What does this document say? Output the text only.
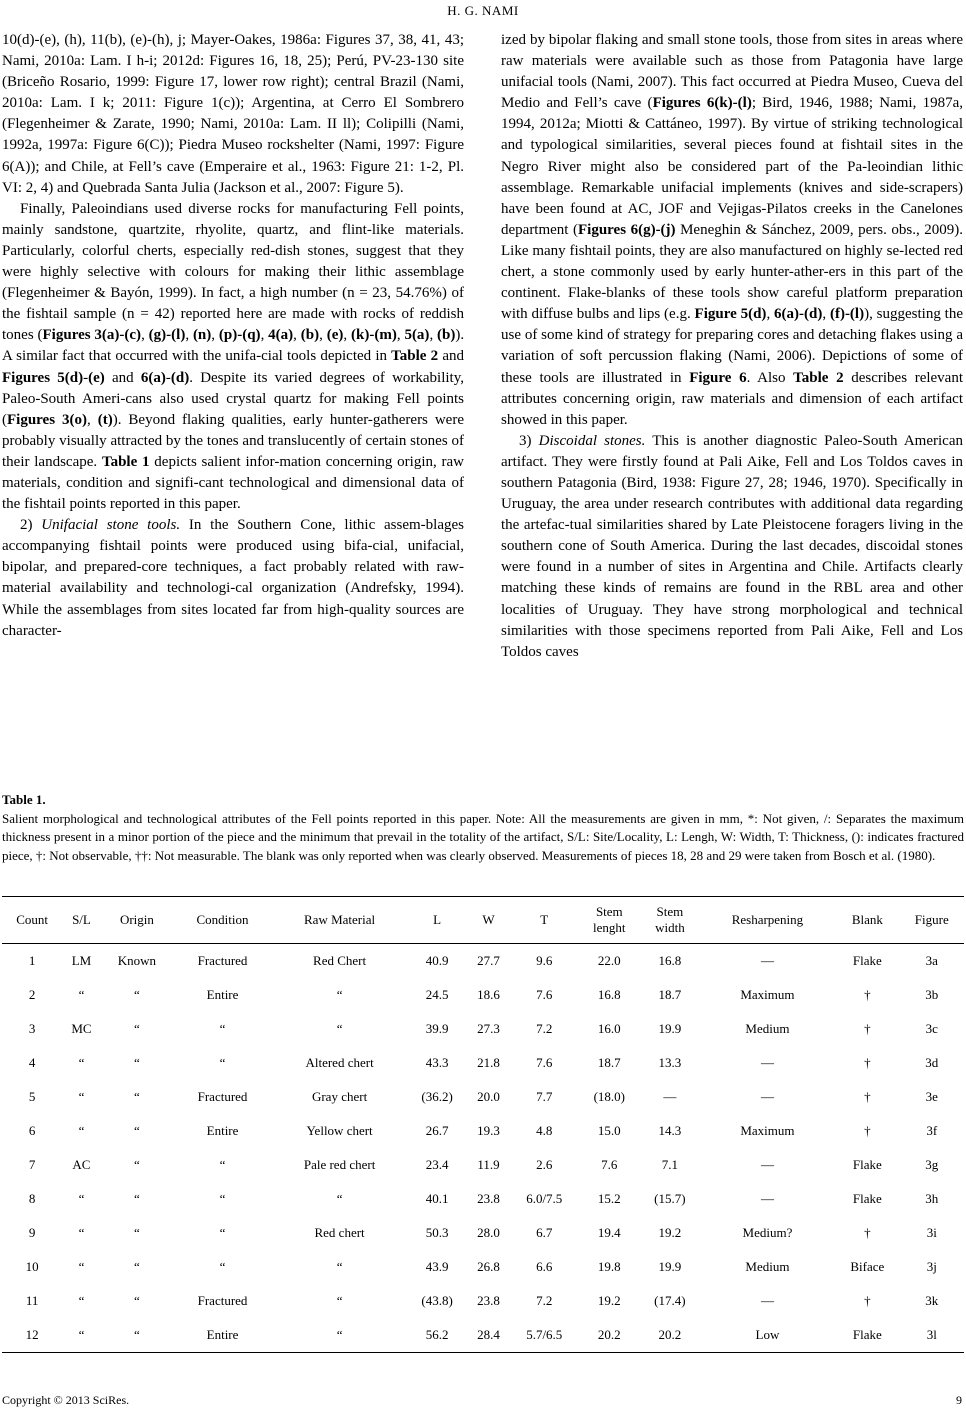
H. G. NAMI

10(d)-(e), (h), 11(b), (e)-(h), j; Mayer-Oakes, 1986a: Figures 37, 38, 41, 43; Nami, 2010a: Lam. I h-i; 2012d: Figures 16, 18, 25); Perú, PV-23-130 site (Briceño Rosario, 1999: Figure 17, lower row right); central Brazil (Nami, 2010a: Lam. I k; 2011: Figure 1(c)); Argentina, at Cerro El Sombrero (Flegenheimer & Zarate, 1990; Nami, 2010a: Lam. II ll); Colipilli (Nami, 1992a, 1997a: Figure 6(C)); Piedra Museo rockshelter (Nami, 1997: Figure 6(A)); and Chile, at Fell’s cave (Emperaire et al., 1963: Figure 21: 1-2, Pl. VI: 2, 4) and Quebrada Santa Julia (Jackson et al., 2007: Figure 5).

Finally, Paleoindians used diverse rocks for manufacturing Fell points, mainly sandstone, quartzite, rhyolite, quartz, and flint-like materials. Particularly, colorful cherts, especially red-dish stones, suggest that they were highly selective with colours for making their lithic assemblage (Flegenheimer & Bayón, 1999). In fact, a high number (n = 23, 54.76%) of the fishtail sample (n = 42) reported here are made with rocks of reddish tones (Figures 3(a)-(c), (g)-(l), (n), (p)-(q), 4(a), (b), (e), (k)-(m), 5(a), (b)). A similar fact that occurred with the unifa-cial tools depicted in Table 2 and Figures 5(d)-(e) and 6(a)-(d). Despite its varied degrees of workability, Paleo-South Ameri-cans also used crystal quartz for making Fell points (Figures 3(o), (t)). Beyond flaking qualities, early hunter-gatherers were probably visually attracted by the tones and translucently of certain stones of their landscape. Table 1 depicts salient infor-mation concerning origin, raw materials, condition and signifi-cant technological and dimensional data of the fishtail points reported in this paper.

2) Unifacial stone tools. In the Southern Cone, lithic assem-blages accompanying fishtail points were produced using bifa-cial, unifacial, bipolar, and prepared-core techniques, a fact probably related with raw-material availability and technologi-cal organization (Andrefsky, 1994). While the assemblages from sites located far from high-quality sources are character-

ized by bipolar flaking and small stone tools, those from sites in areas where raw materials were available such as those from Patagonia have large unifacial tools (Nami, 2007). This fact occurred at Piedra Museo, Cueva del Medio and Fell’s cave (Figures 6(k)-(l); Bird, 1946, 1988; Nami, 1987a, 1994, 2012a; Miotti & Cattáneo, 1997). By virtue of striking technological and typological similarities, several pieces found at fishtail sites in the Negro River might also be considered part of the Pa-leoindian lithic assemblage. Remarkable unifacial implements (knives and side-scrapers) have been found at AC, JOF and Vejigas-Pilatos creeks in the Canelones department (Figures 6(g)-(j) Meneghin & Sánchez, 2009, pers. obs., 2009). Like many fishtail points, they are also manufactured on highly se-lected red chert, a stone commonly used by early hunter-ather-ers in this part of the continent. Flake-blanks of these tools show careful platform preparation with diffuse bulbs and lips (e.g. Figure 5(d), 6(a)-(d), (f)-(l)), suggesting the use of some kind of strategy for preparing cores and detaching flakes using a variation of soft percussion flaking (Nami, 2006). Depictions of some of these tools are illustrated in Figure 6. Also Table 2 describes relevant attributes concerning origin, raw materials and dimension of each artifact showed in this paper.

3) Discoidal stones. This is another diagnostic Paleo-South American artifact. They were firstly found at Pali Aike, Fell and Los Toldos caves in southern Patagonia (Bird, 1938: Figure 27, 28; 1946, 1970). Specifically in Uruguay, the area under research contributes with additional data regarding the artefac-tual similarities shared by Late Pleistocene foragers living in the southern cone of South America. During the last decades, discoidal stones were found in a number of sites in Argentina and Chile. Artifacts clearly matching these kinds of remains are found in the RBL area and other localities of Uruguay. They have strong morphological and technical similarities with those specimens reported from Pali Aike, Fell and Los Toldos caves

Table 1.
Salient morphological and technological attributes of the Fell points reported in this paper. Note: All the measurements are given in mm, *: Not given, /: Separates the maximum thickness present in a minor portion of the piece and the minimum that prevail in the totality of the artifact, S/L: Site/Locality, L: Lengh, W: Width, T: Thickness, (): indicates fractured piece, †: Not observable, ††: Not measurable. The blank was only reported when was clearly observed. Measurements of pieces 18, 28 and 29 were taken from Bosch et al. (1980).
Count	S/L	Origin	Condition	Raw Material	L	W	T	Stem
lenght	Stem
width	Resharpening	Blank	Figure
1	LM	Known	Fractured	Red Chert	40.9	27.7	9.6	22.0	16.8	—	Flake	3a
2	“	“	Entire	“	24.5	18.6	7.6	16.8	18.7	Maximum	†	3b
3	MC	“	“	“	39.9	27.3	7.2	16.0	19.9	Medium	†	3c
4	“	“	“	Altered chert	43.3	21.8	7.6	18.7	13.3	—	†	3d
5	“	“	Fractured	Gray chert	(36.2)	20.0	7.7	(18.0)	—	—	†	3e
6	“	“	Entire	Yellow chert	26.7	19.3	4.8	15.0	14.3	Maximum	†	3f
7	AC	“	“	Pale red chert	23.4	11.9	2.6	7.6	7.1	—	Flake	3g
8	“	“	“	“	40.1	23.8	6.0/7.5	15.2	(15.7)	—	Flake	3h
9	“	“	“	Red chert	50.3	28.0	6.7	19.4	19.2	Medium?	†	3i
10	“	“	“	“	43.9	26.8	6.6	19.8	19.9	Medium	Biface	3j
11	“	“	Fractured	“	(43.8)	23.8	7.2	19.2	(17.4)	—	†	3k
12	“	“	Entire	“	56.2	28.4	5.7/6.5	20.2	20.2	Low	Flake	3l
Copyright © 2013 SciRes.	9
